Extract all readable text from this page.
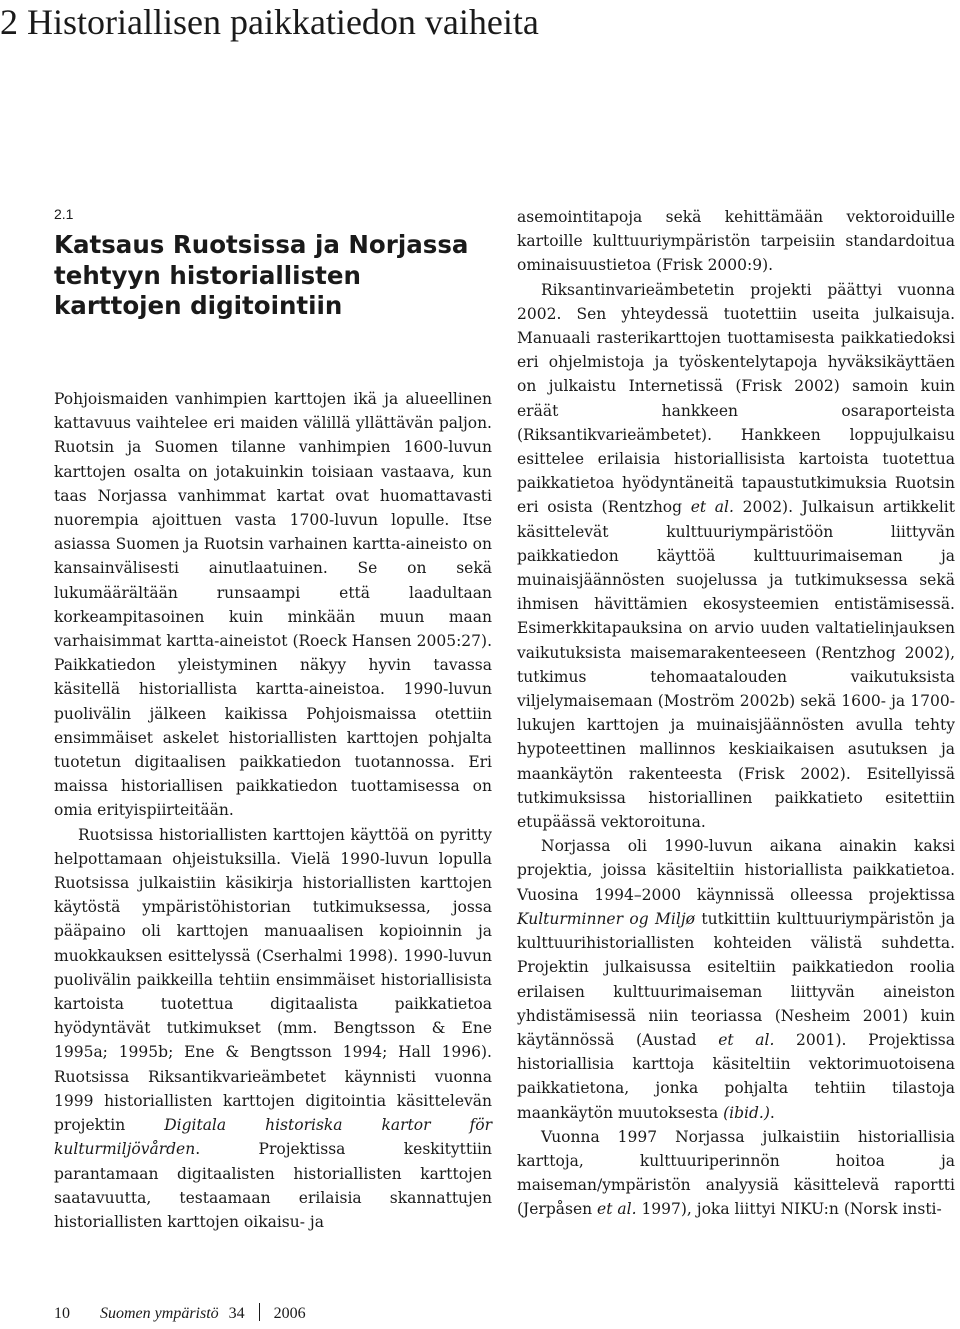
2 Historiallisen paikkatiedon vaiheita
2.1
Katsaus Ruotsissa ja Norjassa tehtyyn historiallisten karttojen digitointiin

Pohjoismaiden vanhimpien karttojen ikä ja alueellinen kattavuus vaihtelee eri maiden välillä yllättävän paljon. Ruotsin ja Suomen tilanne vanhimpien 1600-luvun karttojen osalta on jotakuinkin toisiaan vastaava, kun taas Norjassa vanhimmat kartat ovat huomattavasti nuorempia ajoittuen vasta 1700-luvun lopulle. Itse asiassa Suomen ja Ruotsin varhainen kartta-aineisto on kansainvälisesti ainutlaatuinen. Se on sekä lukumäärältään runsaampi että laadultaan korkeampitasoinen kuin minkään muun maan varhaisimmat kartta-aineistot (Roeck Hansen 2005:27). Paikkatiedon yleistyminen näkyy hyvin tavassa käsitellä historiallista kartta-aineistoa. 1990-luvun puolivälin jälkeen kaikissa Pohjoismaissa otettiin ensimmäiset askelet historiallisten karttojen pohjalta tuotetun digitaalisen paikkatiedon tuotannossa. Eri maissa historiallisen paikkatiedon tuottamisessa on omia erityispiirteitään.

Ruotsissa historiallisten karttojen käyttöä on pyritty helpottamaan ohjeistuksilla. Vielä 1990-luvun lopulla Ruotsissa julkaistiin käsikirja historiallisten karttojen käytöstä ympäristöhistorian tutkimuksessa, jossa pääpaino oli karttojen manuaalisen kopioinnin ja muokkauksen esittelyssä (Cserhalmi 1998). 1990-luvun puolivälin paikkeilla tehtiin ensimmäiset historiallisista kartoista tuotettua digitaalista paikkatietoa hyödyntävät tutkimukset (mm. Bengtsson & Ene 1995a; 1995b; Ene & Bengtsson 1994; Hall 1996). Ruotsissa Riksantikvarieämbetet käynnisti vuonna 1999 historiallisten karttojen digitointia käsittelevän projektin Digitala historiska kartor för kulturmiljövården. Projektissa keskityttiin parantamaan digitaalisten historiallisten karttojen saatavuutta, testaamaan erilaisia skannattujen historiallisten karttojen oikaisu- ja

asemointitapoja sekä kehittämään vektoroiduille kartoille kulttuuriympäristön tarpeisiin standardoitua ominaisuustietoa (Frisk 2000:9).

Riksantinvarieämbetetin projekti päättyi vuonna 2002. Sen yhteydessä tuotettiin useita julkaisuja. Manuaali rasterikarttojen tuottamisesta paikkatiedoksi eri ohjelmistoja ja työskentelytapoja hyväksikäyttäen on julkaistu Internetissä (Frisk 2002) samoin kuin eräät hankkeen osaraporteista (Riksantikvarieämbetet). Hankkeen loppujulkaisu esittelee erilaisia historiallisista kartoista tuotettua paikkatietoa hyödyntäneitä tapaustutkimuksia Ruotsin eri osista (Rentzhog et al. 2002). Julkaisun artikkelit käsittelevät kulttuuriympäristöön liittyvän paikkatiedon käyttöä kulttuurimaiseman ja muinaisjäännösten suojelussa ja tutkimuksessa sekä ihmisen hävittämien ekosysteemien entistämisessä. Esimerkkitapauksina on arvio uuden valtatielinjauksen vaikutuksista maisemarakenteeseen (Rentzhog 2002), tutkimus tehomaatalouden vaikutuksista viljelymaisemaan (Moström 2002b) sekä 1600- ja 1700-lukujen karttojen ja muinaisjäännösten avulla tehty hypoteettinen mallinnos keskiaikaisen asutuksen ja maankäytön rakenteesta (Frisk 2002). Esitellyissä tutkimuksissa historiallinen paikkatieto esitettiin etupäässä vektoroituna.

Norjassa oli 1990-luvun aikana ainakin kaksi projektia, joissa käsiteltiin historiallista paikkatietoa. Vuosina 1994–2000 käynnissä olleessa projektissa Kulturminner og Miljø tutkittiin kulttuuriympäristön ja kulttuurihistoriallisten kohteiden välistä suhdetta. Projektin julkaisussa esiteltiin paikkatiedon roolia erilaisen kulttuurimaiseman liittyvän aineiston yhdistämisessä niin teoriassa (Nesheim 2001) kuin käytännössä (Austad et al. 2001). Projektissa historiallisia karttoja käsiteltiin vektorimuotoisena paikkatietona, jonka pohjalta tehtiin tilastoja maankäytön muutoksesta (ibid.).

Vuonna 1997 Norjassa julkaistiin historiallisia karttoja, kulttuuriperinnön hoitoa ja maiseman/ympäristön analyysiä käsittelevä raportti (Jerpåsen et al. 1997), joka liittyi NIKU:n (Norsk insti-

10 Suomen ympäristö 34 2006
